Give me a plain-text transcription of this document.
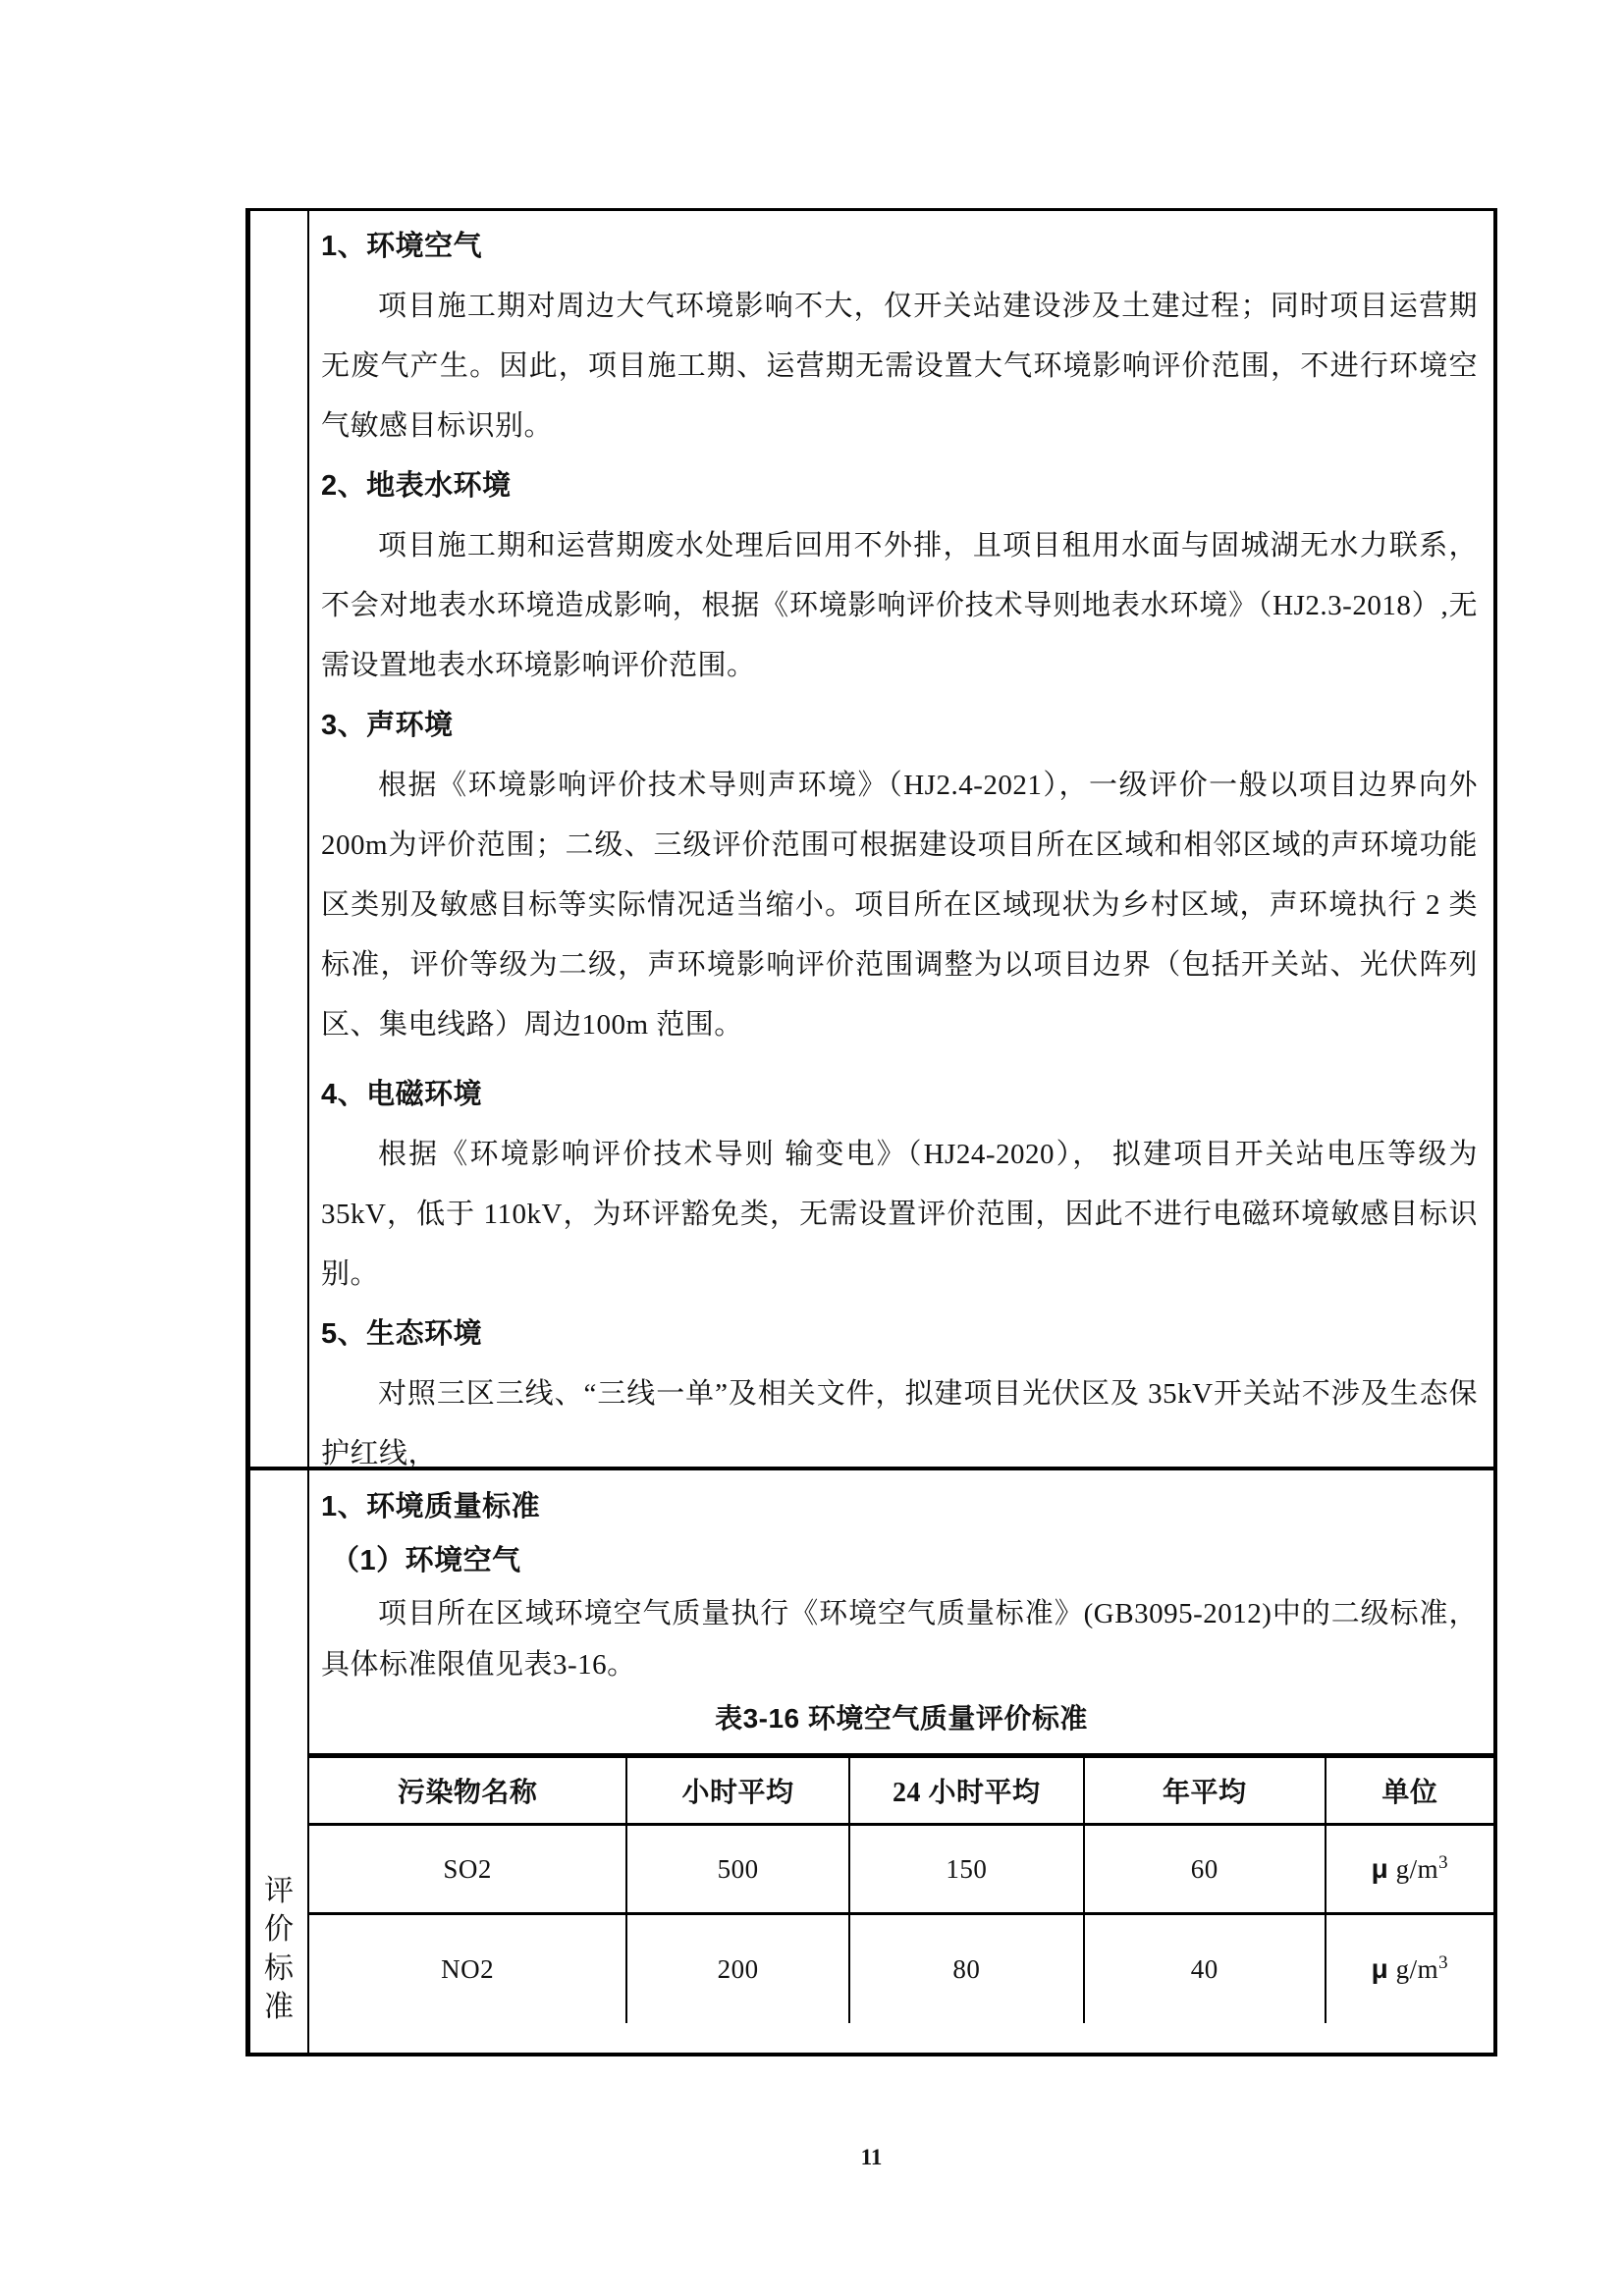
1、环境空气

项目施工期对周边大气环境影响不大，仅开关站建设涉及土建过程；同时项目运营期无废气产生。因此，项目施工期、运营期无需设置大气环境影响评价范围，不进行环境空气敏感目标识别。

2、地表水环境

项目施工期和运营期废水处理后回用不外排，且项目租用水面与固城湖无水力联系，不会对地表水环境造成影响，根据《环境影响评价技术导则地表水环境》（HJ2.3-2018）,无需设置地表水环境影响评价范围。

3、声环境

根据《环境影响评价技术导则声环境》（HJ2.4-2021），一级评价一般以项目边界向外 200m为评价范围；二级、三级评价范围可根据建设项目所在区域和相邻区域的声环境功能区类别及敏感目标等实际情况适当缩小。项目所在区域现状为乡村区域，声环境执行 2 类标准，评价等级为二级，声环境影响评价范围调整为以项目边界（包括开关站、光伏阵列区、集电线路）周边100m 范围。

4、电磁环境

根据《环境影响评价技术导则 输变电》（HJ24-2020）， 拟建项目开关站电压等级为35kV，低于 110kV，为环评豁免类，无需设置评价范围，因此不进行电磁环境敏感目标识别。

5、生态环境

对照三区三线、“三线一单”及相关文件，拟建项目光伏区及 35kV开关站不涉及生态保护红线，

评价标准
1、环境质量标准
（1）环境空气

项目所在区域环境空气质量执行《环境空气质量标准》(GB3095-2012)中的二级标准，具体标准限值见表3-16。

表3-16 环境空气质量评价标准
污染物名称	小时平均	24 小时平均	年平均	单位
SO2	500	150	60	μ $g/m^3$
NO2	200	80	40	μ $g/m^3$
11
